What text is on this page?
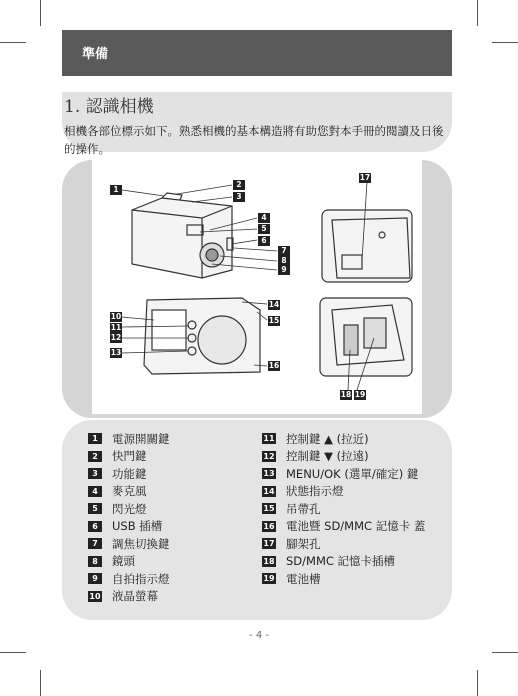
準備
1. 認識相機
相機各部位標示如下。熟悉相機的基本構造將有助您對本手冊的閱讀及日後的操作。
1
2
3
4
5
6
7
8
9
10
11
12
13
14
15
16
17
18 19
1	電源開關鍵
2	快門鍵
3	功能鍵
4	麥克風
5	閃光燈
6	USB 插槽
7	調焦切換鍵
8	鏡頭
9	自拍指示燈
10 液晶螢幕
11 控制鍵 ▲ (拉近)
12 控制鍵 ▼ (拉遠)
13 MENU/OK (選單/確定) 鍵
14 狀態指示燈
15 吊帶孔
16 電池暨 SD/MMC 記憶卡 蓋
17 腳架孔
18 SD/MMC 記憶卡插槽
19 電池槽
- 4 -
